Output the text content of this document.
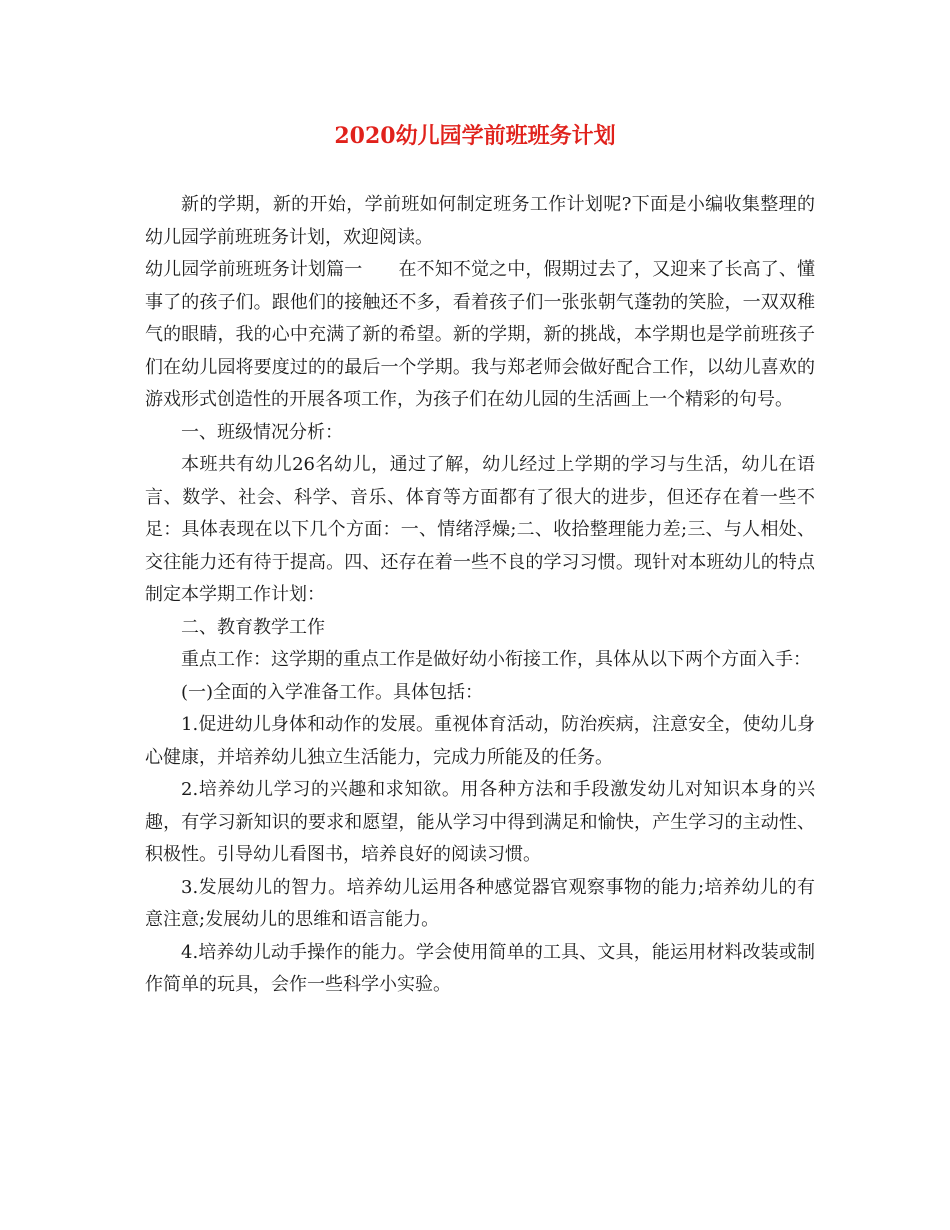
2020幼儿园学前班班务计划

新的学期，新的开始，学前班如何制定班务工作计划呢?下面是小编收集整理的幼儿园学前班班务计划，欢迎阅读。

幼儿园学前班班务计划篇一　　在不知不觉之中，假期过去了，又迎来了长高了、懂事了的孩子们。跟他们的接触还不多，看着孩子们一张张朝气蓬勃的笑脸，一双双稚气的眼睛，我的心中充满了新的希望。新的学期，新的挑战，本学期也是学前班孩子们在幼儿园将要度过的的最后一个学期。我与郑老师会做好配合工作，以幼儿喜欢的游戏形式创造性的开展各项工作，为孩子们在幼儿园的生活画上一个精彩的句号。

一、班级情况分析：

本班共有幼儿26名幼儿，通过了解，幼儿经过上学期的学习与生活，幼儿在语言、数学、社会、科学、音乐、体育等方面都有了很大的进步，但还存在着一些不足：具体表现在以下几个方面：一、情绪浮燥;二、收拾整理能力差;三、与人相处、交往能力还有待于提高。四、还存在着一些不良的学习习惯。现针对本班幼儿的特点制定本学期工作计划：

二、教育教学工作

重点工作：这学期的重点工作是做好幼小衔接工作，具体从以下两个方面入手：

(一)全面的入学准备工作。具体包括：

1.促进幼儿身体和动作的发展。重视体育活动，防治疾病，注意安全，使幼儿身心健康，并培养幼儿独立生活能力，完成力所能及的任务。

2.培养幼儿学习的兴趣和求知欲。用各种方法和手段激发幼儿对知识本身的兴趣，有学习新知识的要求和愿望，能从学习中得到满足和愉快，产生学习的主动性、积极性。引导幼儿看图书，培养良好的阅读习惯。

3.发展幼儿的智力。培养幼儿运用各种感觉器官观察事物的能力;培养幼儿的有意注意;发展幼儿的思维和语言能力。

4.培养幼儿动手操作的能力。学会使用简单的工具、文具，能运用材料改装或制作简单的玩具，会作一些科学小实验。
